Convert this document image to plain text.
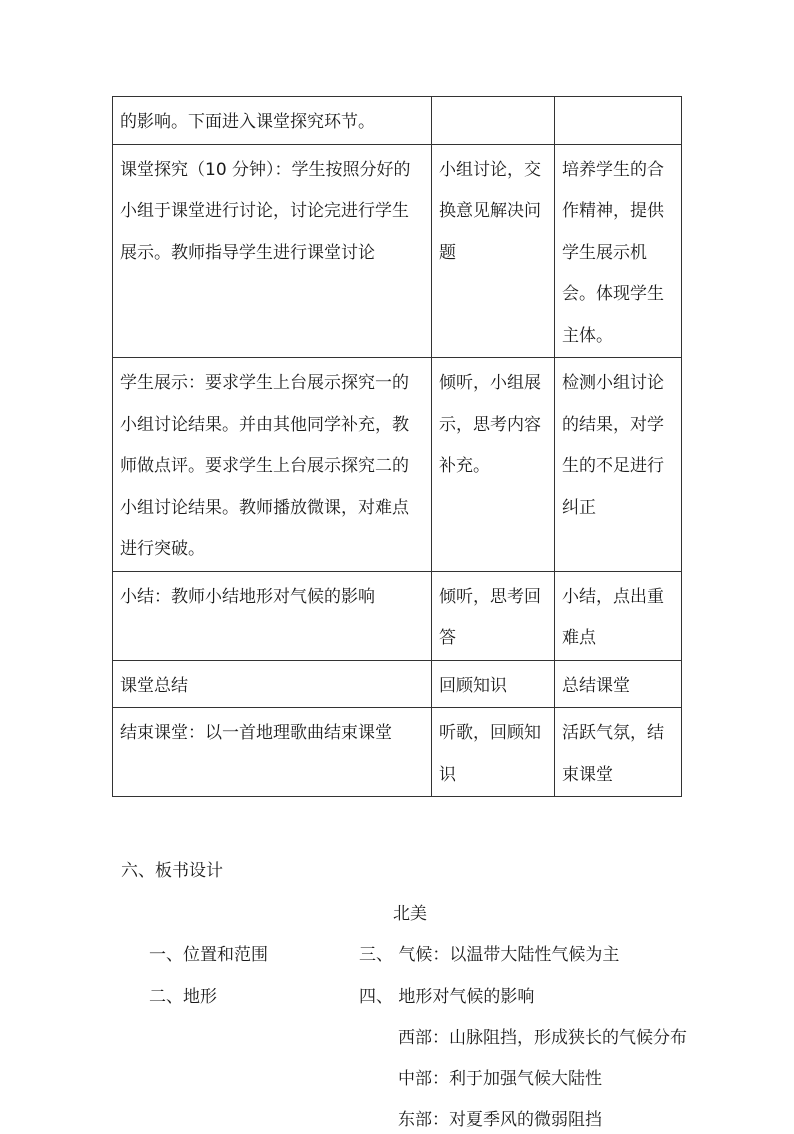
的影响。下面进入课堂探究环节。		
课堂探究（10 分钟）：学生按照分好的小组于课堂进行讨论，讨论完进行学生展示。教师指导学生进行课堂讨论	小组讨论，交换意见解决问题	培养学生的合作精神，提供学生展示机会。体现学生主体。
学生展示：要求学生上台展示探究一的小组讨论结果。并由其他同学补充，教师做点评。要求学生上台展示探究二的小组讨论结果。教师播放微课，对难点进行突破。	倾听，小组展示，思考内容补充。	检测小组讨论的结果，对学生的不足进行纠正
小结：教师小结地形对气候的影响	倾听，思考回答	小结，点出重难点
课堂总结	回顾知识	总结课堂
结束课堂：以一首地理歌曲结束课堂	听歌，回顾知识	活跃气氛，结束课堂
六、板书设计
北美
一、位置和范围	三、 气候：以温带大陆性气候为主
二、地形	四、 地形对气候的影响
西部：山脉阻挡，形成狭长的气候分布
中部：利于加强气候大陆性
东部：对夏季风的微弱阻挡
